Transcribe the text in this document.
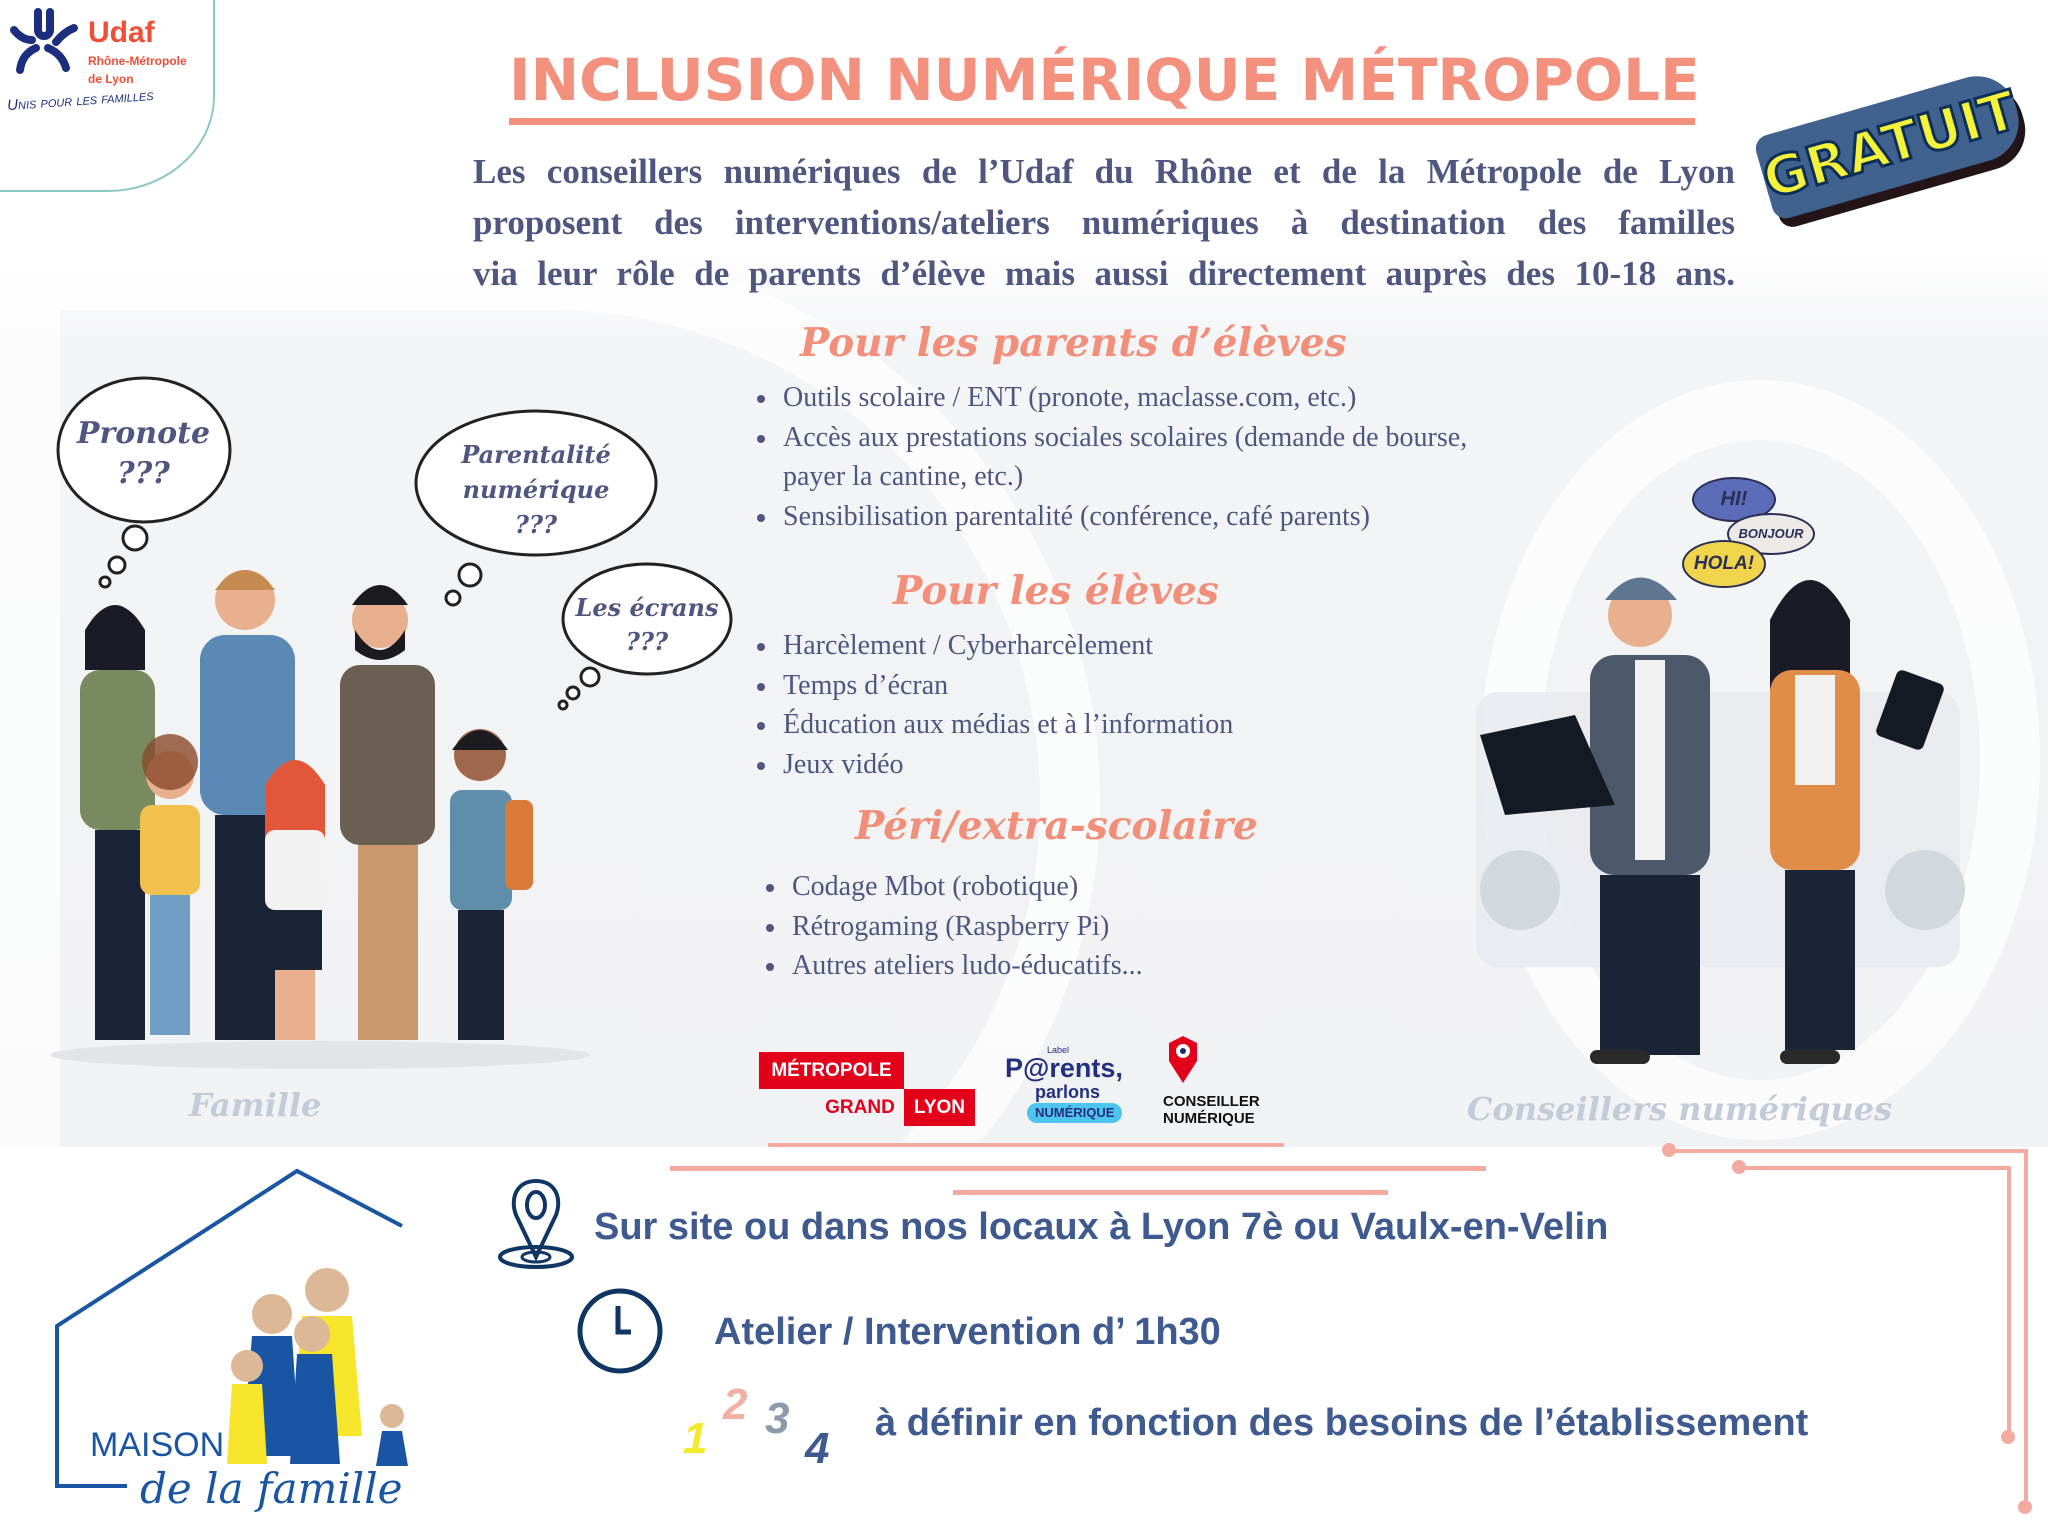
Udaf
Rhône-Métropole de Lyon
Unis pour les familles	INCLUSION NUMÉRIQUE MÉTROPOLE GRATUIT
Les conseillers numériques de l’Udaf du Rhône et de la Métropole de Lyon
proposent des interventions/ateliers numériques à destination des familles
via leur rôle de parents d’élève mais aussi directement auprès des 10-18 ans.
Pour les parents d’élèves
Outils scolaire / ENT (pronote, maclasse.com, etc.)
Accès aux prestations sociales scolaires (demande de bourse, payer la cantine, etc.)
Sensibilisation parentalité (conférence, café parents)
Pour les élèves
Harcèlement / Cyberharcèlement
Temps d’écran
Éducation aux médias et à l’information
Jeux vidéo
Péri/extra-scolaire
Codage Mbot (robotique)
Rétrogaming (Raspberry Pi)
Autres ateliers ludo-éducatifs...
Pronote
???
Parentalité
numérique
???
Les écrans
???
Famille
HI!
BONJOUR
HOLA!
Conseillers numériques
MÉTROPOLE
GRAND	LYON
Label
P@rents,
parlons
NUMÉRIQUE
CONSEILLER
NUMÉRIQUE
Sur site ou dans nos locaux à Lyon 7è ou Vaulx-en-Velin
Atelier / Intervention d’ 1h30
1
2 3
4
à définir en fonction des besoins de l’établissement
MAISON
de la famille
